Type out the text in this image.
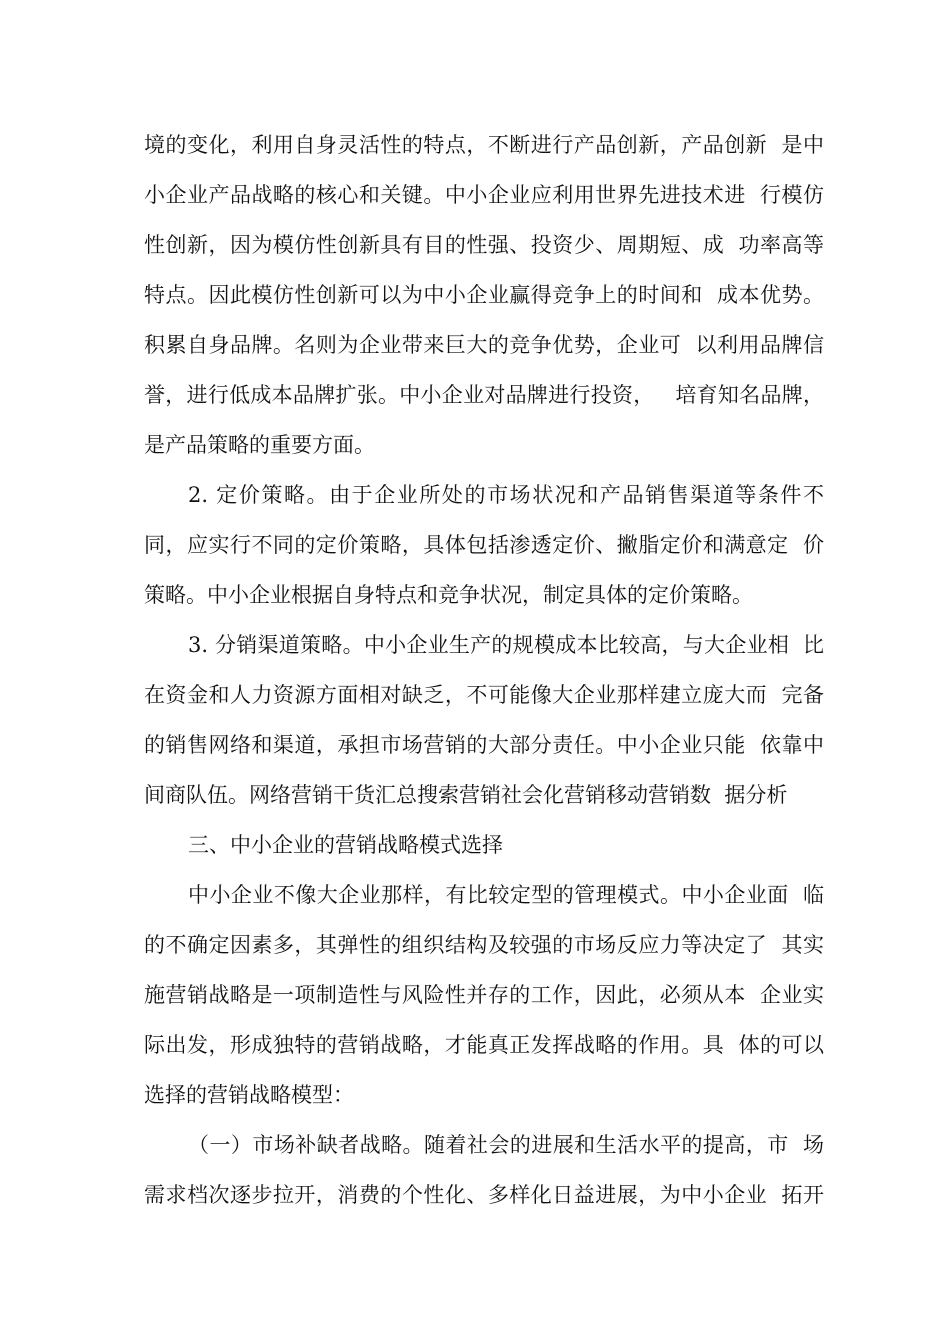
境的变化，利用自身灵活性的特点，不断进行产品创新，产品创新  是中
小企业产品战略的核心和关键。中小企业应利用世界先进技术进  行模仿
性创新，因为模仿性创新具有目的性强、投资少、周期短、成  功率高等
特点。因此模仿性创新可以为中小企业赢得竞争上的时间和  成本优势。
积累自身品牌。名则为企业带来巨大的竞争优势，企业可  以利用品牌信
誉，进行低成本品牌扩张。中小企业对品牌进行投资，   培育知名品牌，
是产品策略的重要方面。
2. 定价策略。由于企业所处的市场状况和产品销售渠道等条件不
同，应实行不同的定价策略，具体包括渗透定价、撇脂定价和满意定  价
策略。中小企业根据自身特点和竞争状况，制定具体的定价策略。
3. 分销渠道策略。中小企业生产的规模成本比较高，与大企业相  比
在资金和人力资源方面相对缺乏，不可能像大企业那样建立庞大而  完备
的销售网络和渠道，承担市场营销的大部分责任。中小企业只能  依靠中
间商队伍。网络营销干货汇总搜索营销社会化营销移动营销数  据分析
三、中小企业的营销战略模式选择
中小企业不像大企业那样，有比较定型的管理模式。中小企业面  临
的不确定因素多，其弹性的组织结构及较强的市场反应力等决定了  其实
施营销战略是一项制造性与风险性并存的工作，因此，必须从本  企业实
际出发，形成独特的营销战略，才能真正发挥战略的作用。具  体的可以
选择的营销战略模型：
（一）市场补缺者战略。随着社会的进展和生活水平的提高，市  场
需求档次逐步拉开，消费的个性化、多样化日益进展，为中小企业  拓开
